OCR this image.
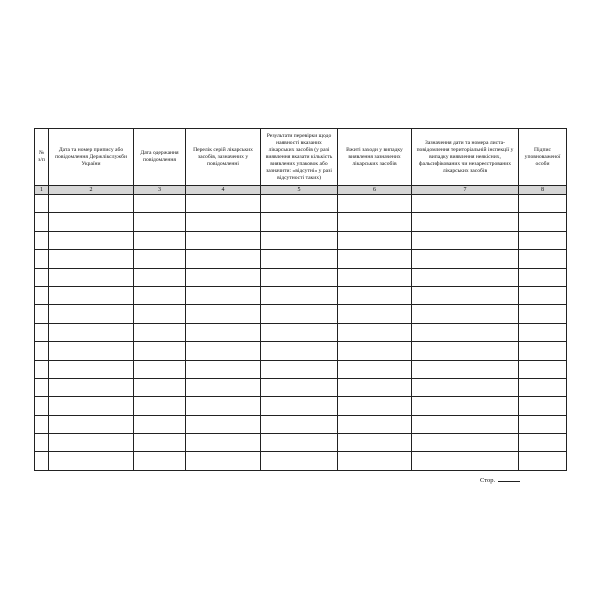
№ з/п	Дата та номер припису або повідомлення Держлікслужби України	Дата одержання повідомлення	Перелік серій лікарських засобів, зазначених у повідомленні	Результати перевірки щодо наявності вказаних лікарських засобів (у разі виявлення вказати кількість виявлених упаковок або зазначити: «відсутні» у разі відсутності таких)	Вжиті заходи у випадку виявлення зазначених лікарських засобів	Зазначення дати та номера листа-повідомлення територіальній інспекції у випадку виявлення неякісних, фальсифікованих чи незареєстрованих лікарських засобів	Підпис уповноваженої особи
1	2	3	4	5	6	7	8

Стор.
